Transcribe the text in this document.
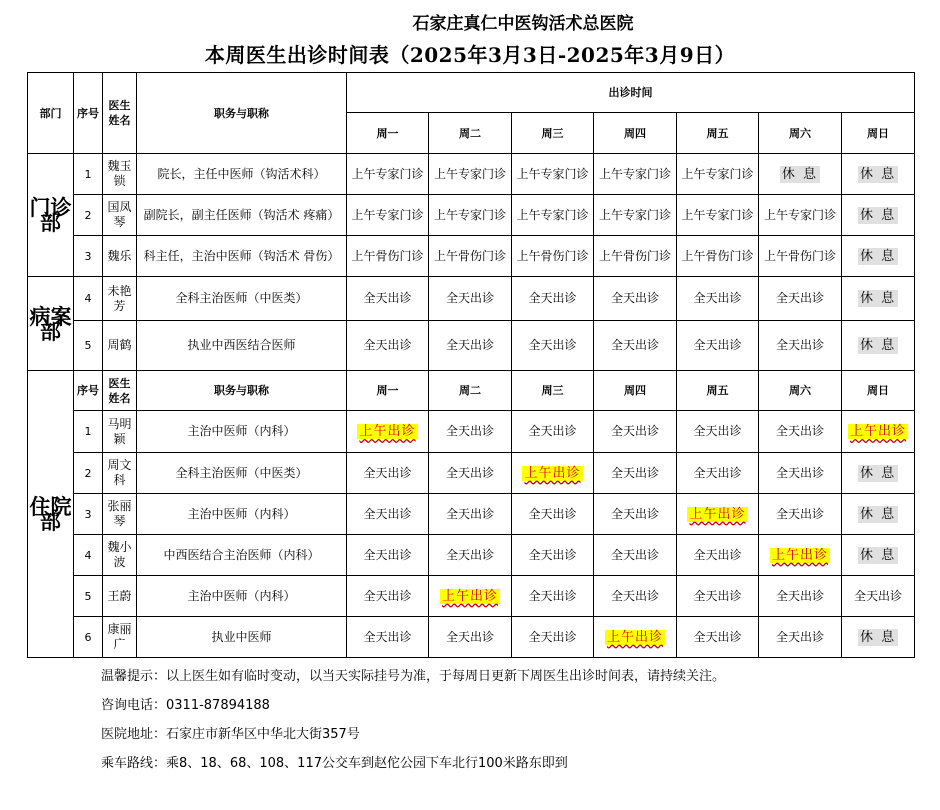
石家庄真仁中医钩活术总医院
本周医生出诊时间表（2025年3月3日-2025年3月9日）
部门	序号	医生姓名	职务与职称	出诊时间						
				周一	周二	周三	周四	周五	周六	周日
门诊部	1	魏玉锁	院长，主任中医师（钩活术科）	上午专家门诊	上午专家门诊	上午专家门诊	上午专家门诊	上午专家门诊	休 息	休 息
	2	国凤琴	副院长，副主任医师（钩活术 疼痛）	上午专家门诊	上午专家门诊	上午专家门诊	上午专家门诊	上午专家门诊	上午专家门诊	休 息
	3	魏乐	科主任，主治中医师（钩活术 骨伤）	上午骨伤门诊	上午骨伤门诊	上午骨伤门诊	上午骨伤门诊	上午骨伤门诊	上午骨伤门诊	休 息
病案部	4	未艳芳	全科主治医师（中医类）	全天出诊	全天出诊	全天出诊	全天出诊	全天出诊	全天出诊	休 息
	5	周鹤	执业中西医结合医师	全天出诊	全天出诊	全天出诊	全天出诊	全天出诊	全天出诊	休 息
住院部	序号	医生姓名	职务与职称	周一	周二	周三	周四	周五	周六	周日
	1	马明颖	主治中医师（内科）	上午出诊	全天出诊	全天出诊	全天出诊	全天出诊	全天出诊	上午出诊
	2	周文科	全科主治医师（中医类）	全天出诊	全天出诊	上午出诊	全天出诊	全天出诊	全天出诊	休 息
	3	张丽琴	主治中医师（内科）	全天出诊	全天出诊	全天出诊	全天出诊	上午出诊	全天出诊	休 息
	4	魏小波	中西医结合主治医师（内科）	全天出诊	全天出诊	全天出诊	全天出诊	全天出诊	上午出诊	休 息
	5	王蔚	主治中医师（内科）	全天出诊	上午出诊	全天出诊	全天出诊	全天出诊	全天出诊	全天出诊
	6	康丽广	执业中医师	全天出诊	全天出诊	全天出诊	上午出诊	全天出诊	全天出诊	休 息
温馨提示：以上医生如有临时变动，以当天实际挂号为准，于每周日更新下周医生出诊时间表，请持续关注。
咨询电话：0311-87894188
医院地址：石家庄市新华区中华北大街357号
乘车路线：乘8、18、68、108、117公交车到赵佗公园下车北行100米路东即到
